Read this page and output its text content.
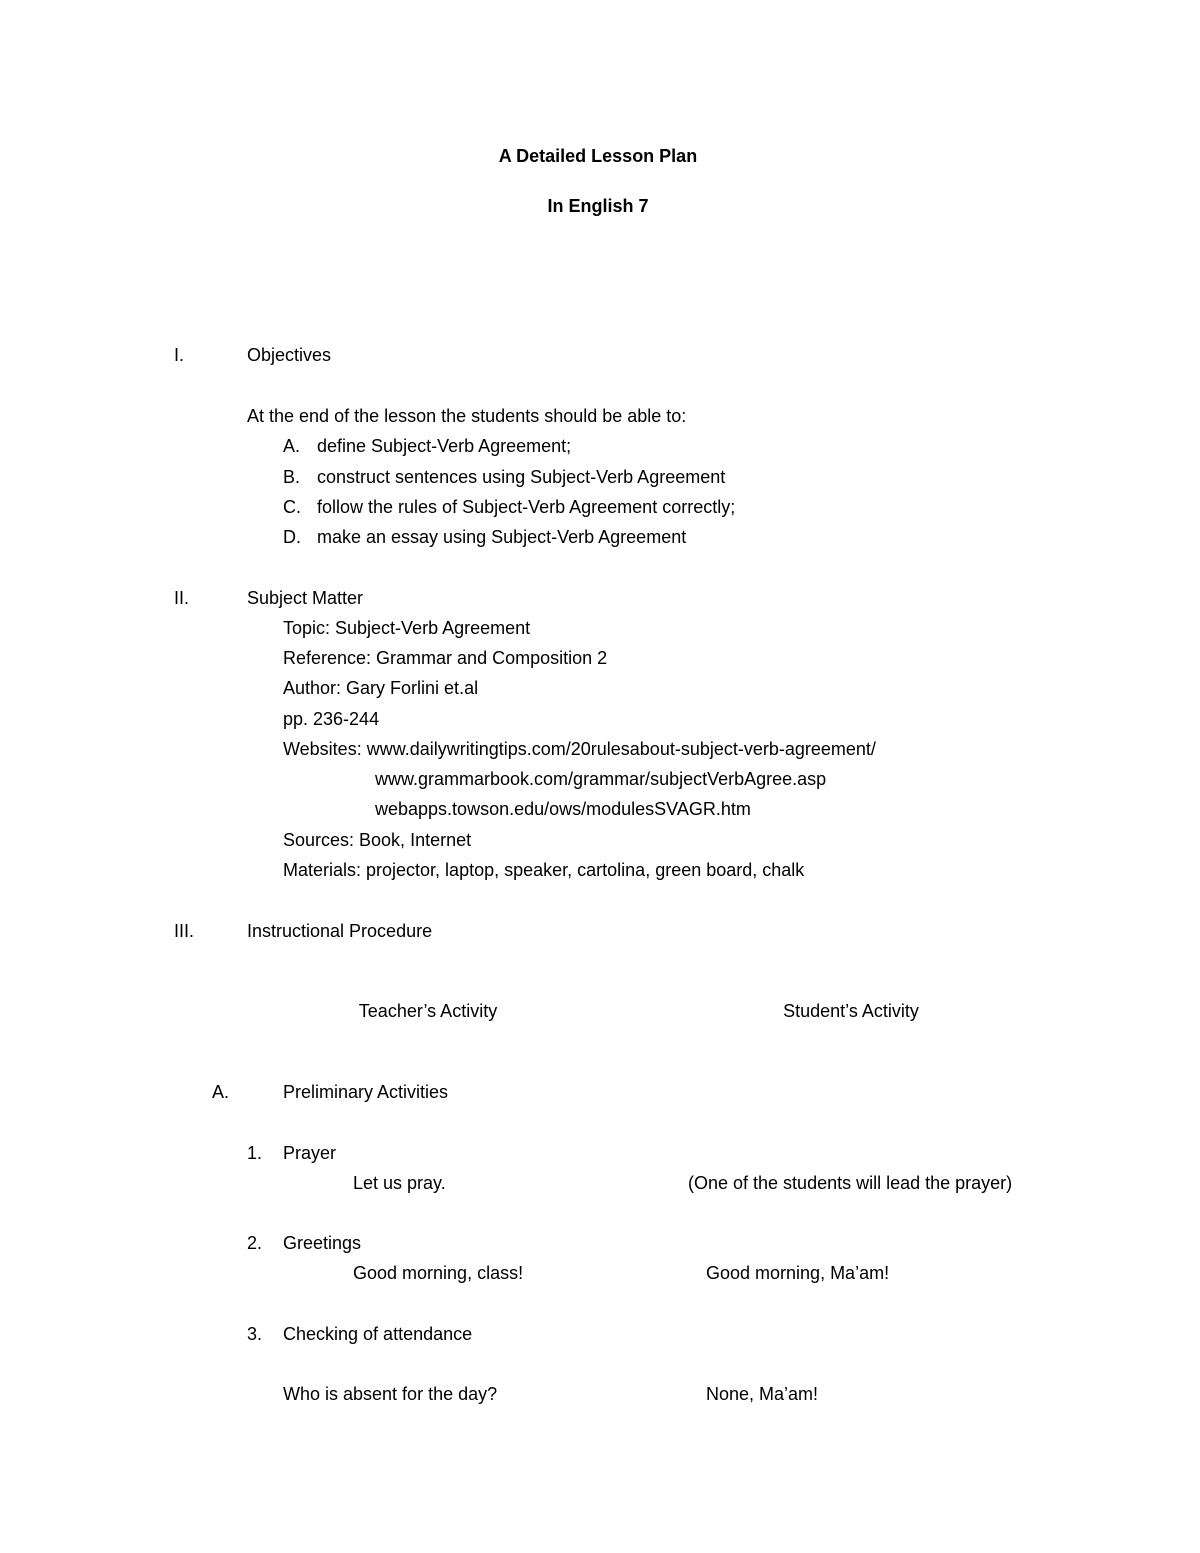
A Detailed Lesson Plan
In English 7
I.	Objectives
At the end of the lesson the students should be able to:
A. define Subject-Verb Agreement;
B. construct sentences using Subject-Verb Agreement
C. follow the rules of Subject-Verb Agreement correctly;
D. make an essay using Subject-Verb Agreement
II.	Subject Matter
Topic: Subject-Verb Agreement
Reference: Grammar and Composition 2
Author: Gary Forlini et.al
pp. 236-244
Websites: www.dailywritingtips.com/20rulesabout-subject-verb-agreement/
www.grammarbook.com/grammar/subjectVerbAgree.asp
webapps.towson.edu/ows/modulesSVAGR.htm
Sources: Book, Internet
Materials: projector, laptop, speaker, cartolina, green board, chalk
III.	Instructional Procedure
Teacher’s Activity	Student’s Activity
A.	Preliminary Activities
1. Prayer
Let us pray.	(One of the students will lead the prayer)
2. Greetings
Good morning, class!	Good morning, Ma’am!
3. Checking of attendance
Who is absent for the day?	None, Ma’am!
